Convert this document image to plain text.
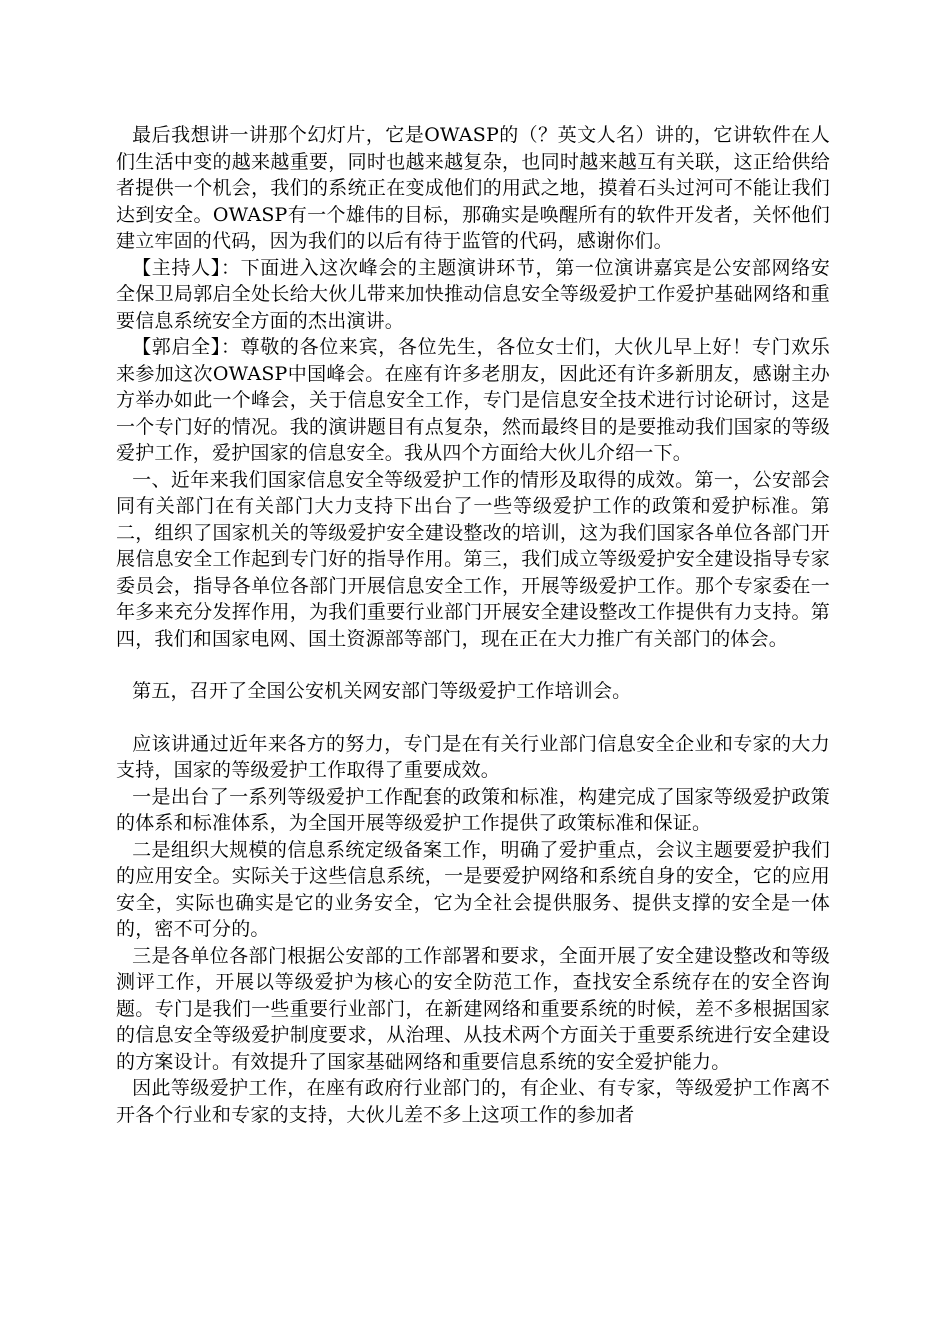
最后我想讲一讲那个幻灯片，它是OWASP的（？英文人名）讲的，它讲软件在人们生活中变的越来越重要，同时也越来越复杂，也同时越来越互有关联，这正给供给者提供一个机会，我们的系统正在变成他们的用武之地，摸着石头过河可不能让我们达到安全。OWASP有一个雄伟的目标，那确实是唤醒所有的软件开发者，关怀他们建立牢固的代码，因为我们的以后有待于监管的代码，感谢你们。

【主持人】：下面进入这次峰会的主题演讲环节，第一位演讲嘉宾是公安部网络安全保卫局郭启全处长给大伙儿带来加快推动信息安全等级爱护工作爱护基础网络和重要信息系统安全方面的杰出演讲。

【郭启全】：尊敬的各位来宾，各位先生，各位女士们，大伙儿早上好！专门欢乐来参加这次OWASP中国峰会。在座有许多老朋友，因此还有许多新朋友，感谢主办方举办如此一个峰会，关于信息安全工作，专门是信息安全技术进行讨论研讨，这是一个专门好的情况。我的演讲题目有点复杂，然而最终目的是要推动我们国家的等级爱护工作，爱护国家的信息安全。我从四个方面给大伙儿介绍一下。

一、近年来我们国家信息安全等级爱护工作的情形及取得的成效。第一，公安部会同有关部门在有关部门大力支持下出台了一些等级爱护工作的政策和爱护标准。第二，组织了国家机关的等级爱护安全建设整改的培训，这为我们国家各单位各部门开展信息安全工作起到专门好的指导作用。第三，我们成立等级爱护安全建设指导专家委员会，指导各单位各部门开展信息安全工作，开展等级爱护工作。那个专家委在一年多来充分发挥作用，为我们重要行业部门开展安全建设整改工作提供有力支持。第四，我们和国家电网、国土资源部等部门，现在正在大力推广有关部门的体会。

第五，召开了全国公安机关网安部门等级爱护工作培训会。

应该讲通过近年来各方的努力，专门是在有关行业部门信息安全企业和专家的大力支持，国家的等级爱护工作取得了重要成效。

一是出台了一系列等级爱护工作配套的政策和标准，构建完成了国家等级爱护政策的体系和标准体系，为全国开展等级爱护工作提供了政策标准和保证。

二是组织大规模的信息系统定级备案工作，明确了爱护重点，会议主题要爱护我们的应用安全。实际关于这些信息系统，一是要爱护网络和系统自身的安全，它的应用安全，实际也确实是它的业务安全，它为全社会提供服务、提供支撑的安全是一体的，密不可分的。

三是各单位各部门根据公安部的工作部署和要求，全面开展了安全建设整改和等级测评工作，开展以等级爱护为核心的安全防范工作，查找安全系统存在的安全咨询题。专门是我们一些重要行业部门，在新建网络和重要系统的时候，差不多根据国家的信息安全等级爱护制度要求，从治理、从技术两个方面关于重要系统进行安全建设的方案设计。有效提升了国家基础网络和重要信息系统的安全爱护能力。

因此等级爱护工作，在座有政府行业部门的，有企业、有专家，等级爱护工作离不开各个行业和专家的支持，大伙儿差不多上这项工作的参加者
